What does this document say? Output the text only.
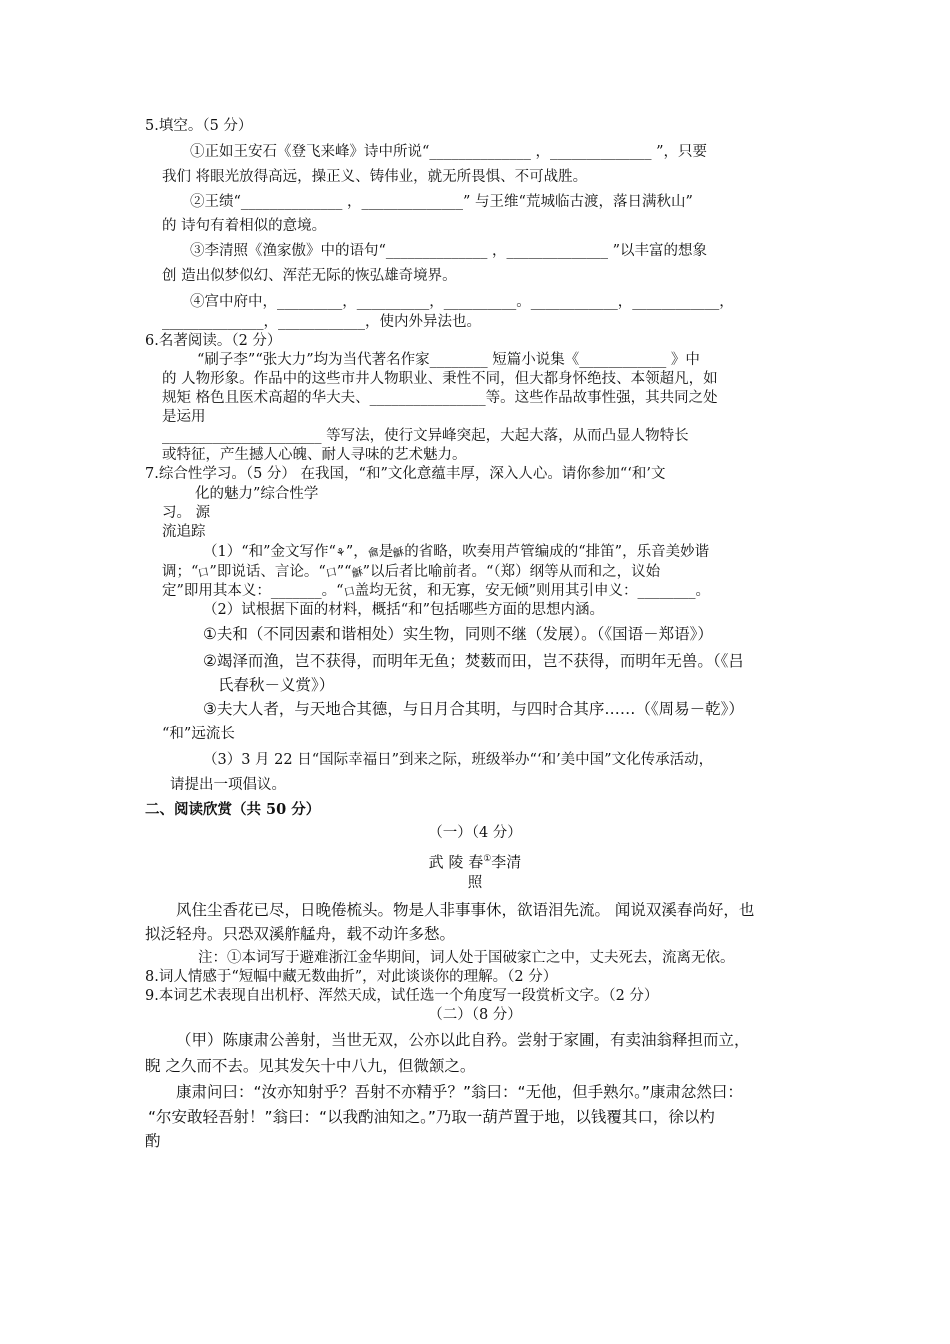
5.填空。（5 分）
①正如王安石《登飞来峰》诗中所说“______________ ，______________ ”，只要
我们 将眼光放得高远，操正义、铸伟业，就无所畏惧、不可战胜。
②王绩“______________ ，______________” 与王维“荒城临古渡，落日满秋山”
的 诗句有着相似的意境。
③李清照《渔家傲》中的语句“______________ ，______________ ”以丰富的想象
创 造出似梦似幻、浑茫无际的恢弘雄奇境界。
④宫中府中，_________，__________，__________。____________，____________，
______________，____________，使内外异法也。
6.名著阅读。（2 分）
“刷子李”“张大力”均为当代著名作家________ 短篇小说集《____________ 》中
的 人物形象。作品中的这些市井人物职业、秉性不同，但大都身怀绝技、本领超凡，如
规矩 格色且医术高超的华大夫、________________等。这些作品故事性强，其共同之处
是运用
______________________ 等写法，使行文异峰突起，大起大落，从而凸显人物特长
或特征，产生撼人心魄、耐人寻味的艺术魅力。
7.综合性学习。（5 分） 在我国，“和”文化意蕴丰厚，深入人心。请你参加“‘和’文
化的魅力”综合性学
习。 源
流追踪
（1）“和”金文写作“⚘”，龠是龢的省略，吹奏用芦管编成的“排笛”，乐音美妙谐
调；“口”即说话、言论。“口”“龢”以后者比喻前者。“（郑）纲等从而和之，议始
定”即用其本义：_______。“口盖均无贫，和无寡，安无倾”则用其引申义：________。
（2）试根据下面的材料，概括“和”包括哪些方面的思想内涵。
①夫和（不同因素和谐相处）实生物，同则不继（发展）。（《国语－郑语》）
②竭泽而渔，岂不获得，而明年无鱼；焚薮而田，岂不获得，而明年无兽。（《吕
氏春秋－义赏》）
③夫大人者，与天地合其德，与日月合其明，与四时合其序……（《周易－乾》）
“和”远流长
（3）3 月 22 日“国际幸福日”到来之际，班级举办“‘和’美中国”文化传承活动，
请提出一项倡议。
二、阅读欣赏（共 50 分）
（一）（4 分）
武 陵 春①李清
照
风住尘香花已尽，日晚倦梳头。物是人非事事休，欲语泪先流。 闻说双溪春尚好，也
拟泛轻舟。只恐双溪舴艋舟，载不动许多愁。
注：①本词写于避难浙江金华期间，词人处于国破家亡之中，丈夫死去，流离无依。
8.词人情感于“短幅中藏无数曲折”，对此谈谈你的理解。（2 分）
9.本词艺术表现自出机杼、浑然天成，试任选一个角度写一段赏析文字。（2 分）
（二）（8 分）
（甲）陈康肃公善射，当世无双，公亦以此自矜。尝射于家圃，有卖油翁释担而立，
睨 之久而不去。见其发矢十中八九，但微颔之。
康肃问曰：“汝亦知射乎？吾射不亦精乎？”翁曰：“无他，但手熟尔。”康肃忿然曰：
“尔安敢轻吾射！”翁曰：“以我酌油知之。”乃取一葫芦置于地，以钱覆其口，徐以杓
酌
